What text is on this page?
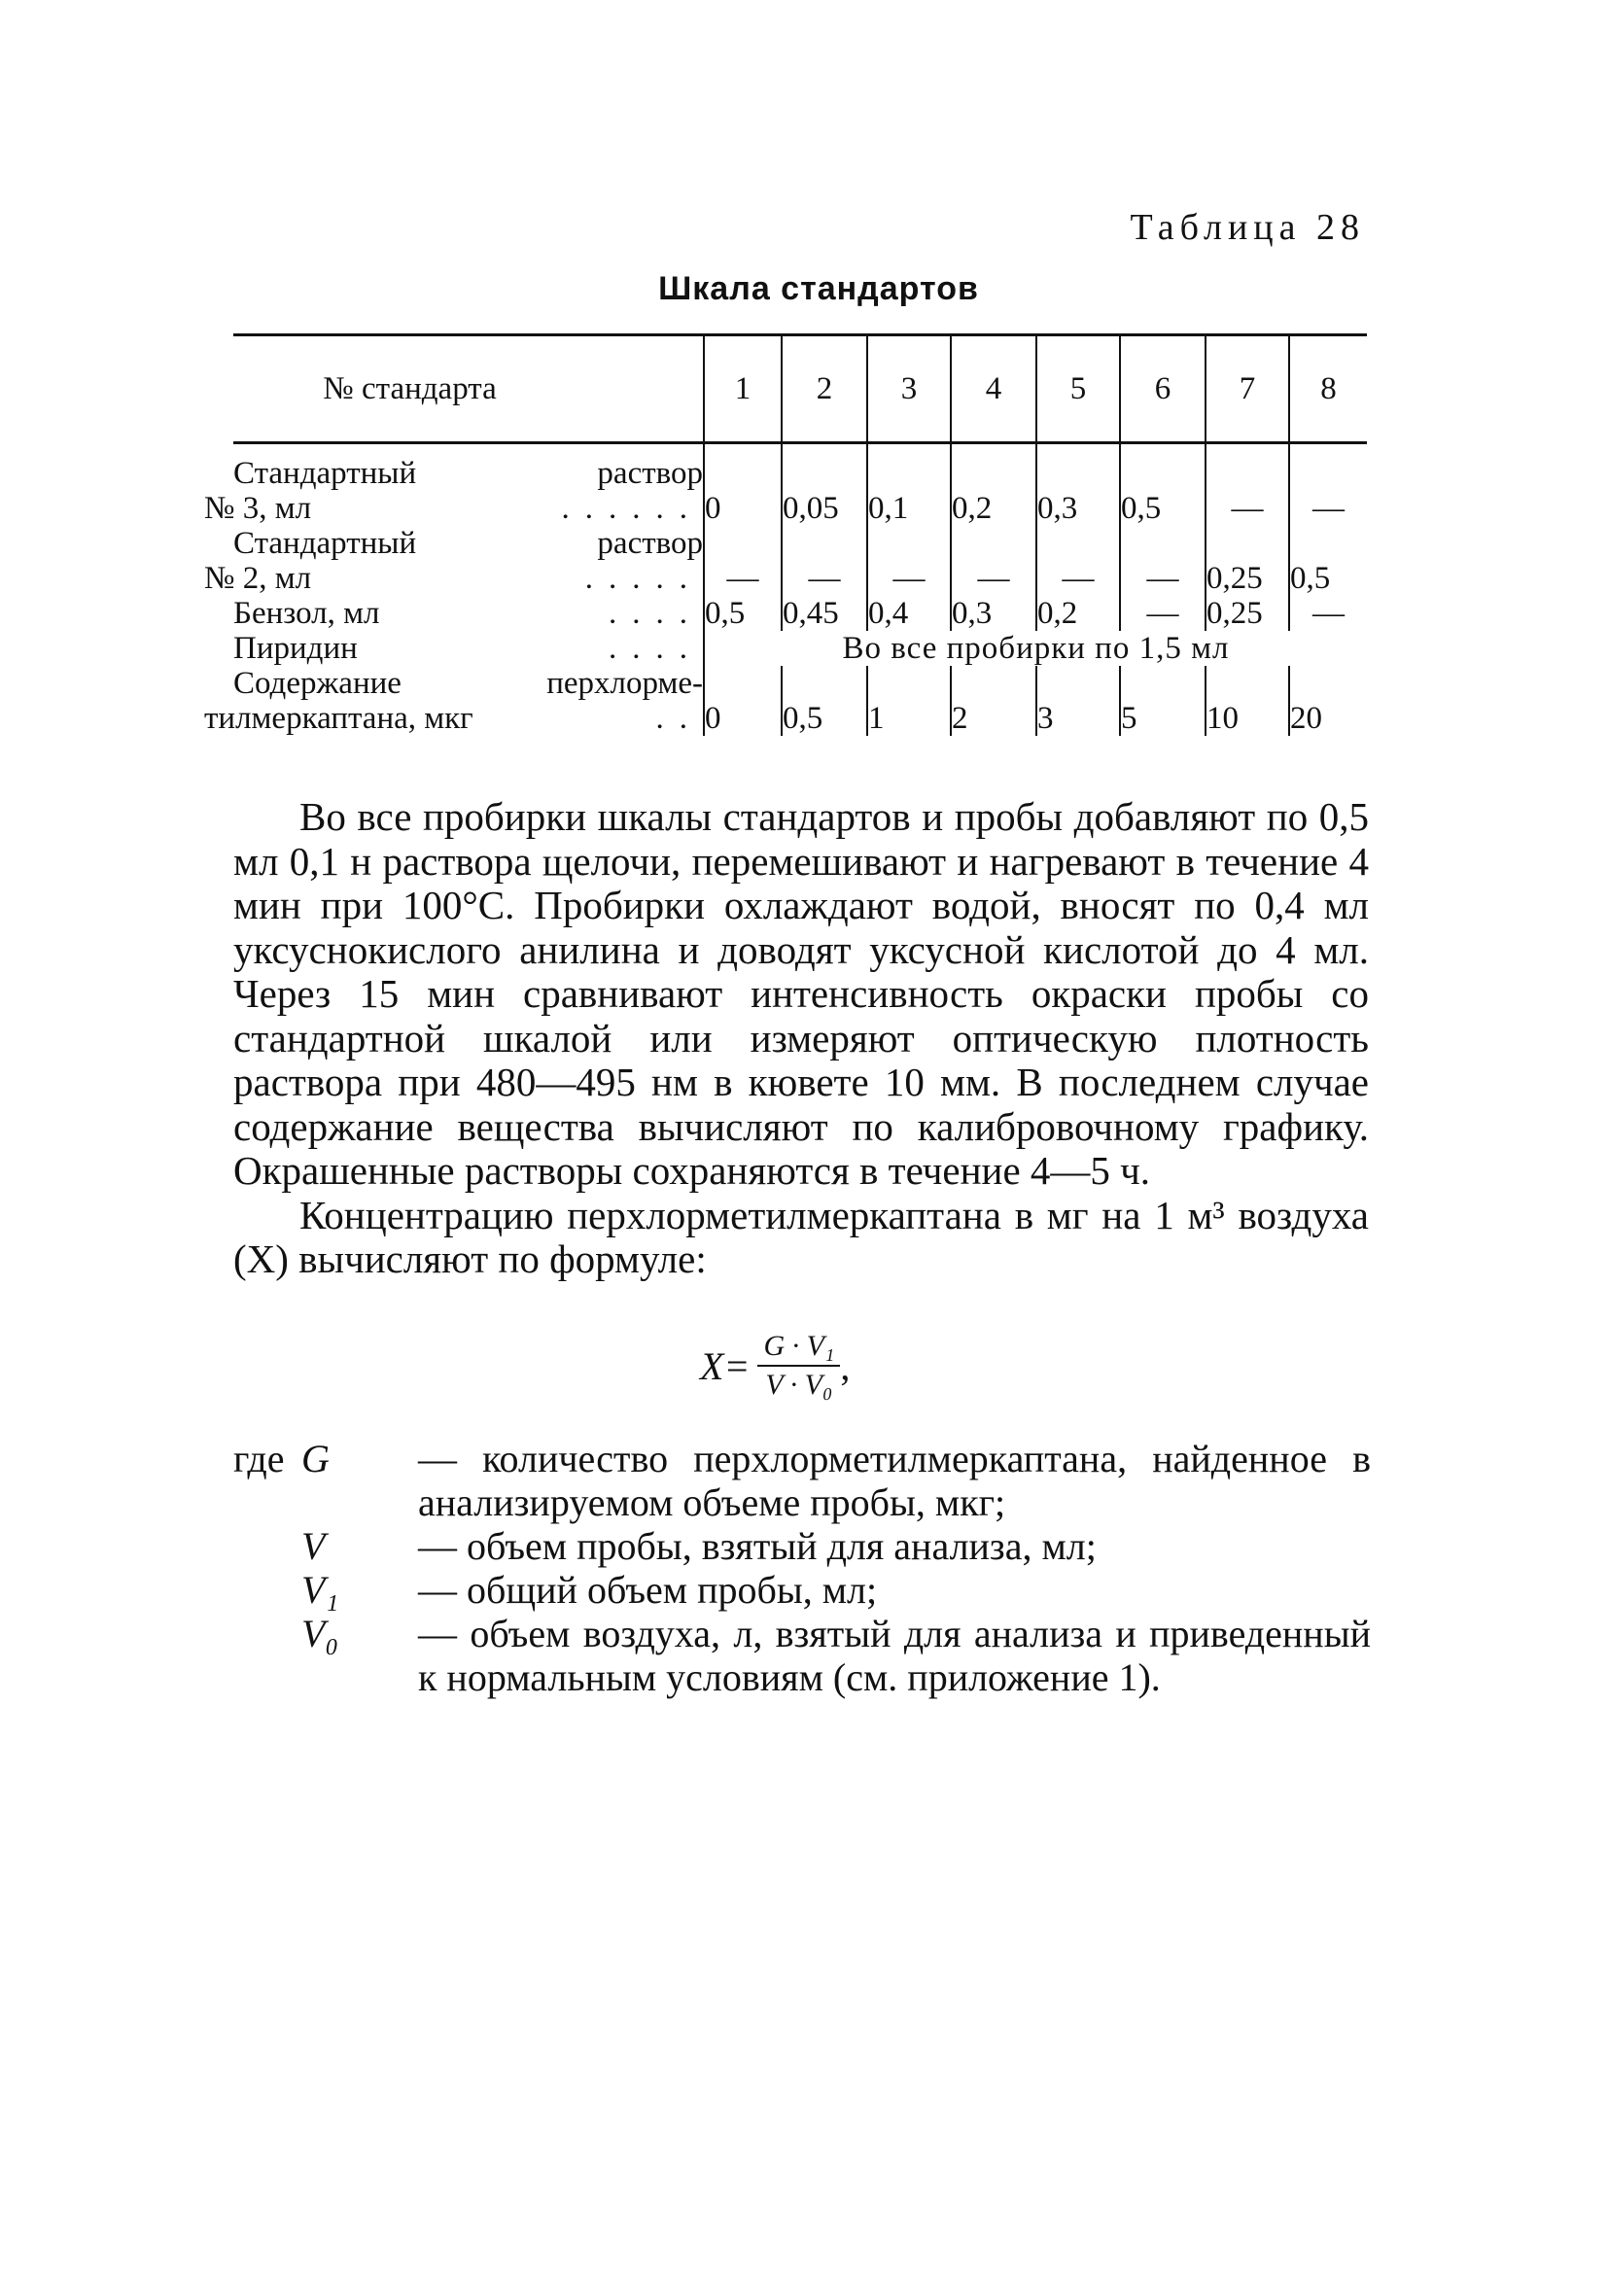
Таблица 28
Шкала стандартов
№ стандарта	1	2	3	4	5	6	7	8

Стандартный раствор
№ 3, мл ......	0	0,05	0,1	0,2	0,3	0,5	—	—

Стандартный раствор
№ 2, мл .....	—	—	—	—	—	—	0,25	0,5

Бензол, мл ....	0,5	0,45	0,4	0,3	0,2	—	0,25	—

Пиридин ....	Во все пробирки по 1,5 мл							

Содержание перхлорме-
тилмеркаптана, мкг ..	0	0,5	1	2	3	5	10	20

Во все пробирки шкалы стандартов и пробы добавляют по 0,5 мл 0,1 н раствора щелочи, перемешивают и нагревают в течение 4 мин при 100°С. Пробирки охлаждают водой, вносят по 0,4 мл уксуснокислого анилина и доводят уксусной кислотой до 4 мл. Через 15 мин сравнивают интенсивность окраски пробы со стандартной шкалой или измеряют оптическую плотность раствора при 480—495 нм в кювете 10 мм. В последнем случае содержание вещества вычисляют по калибровочному графику. Окрашенные растворы сохраняются в течение 4—5 ч.

Концентрацию перхлорметилмеркаптана в мг на 1 м³ воздуха (X) вычисляют по формуле:

$X= \frac{\text{G · V₁}}{\text{V · V₀}}$ ,
где G — количество перхлорметилмеркаптана, найденное в анализируемом объеме пробы, мкг;
V — объем пробы, взятый для анализа, мл;
V₁ — общий объем пробы, мл;
V₀ — объем воздуха, л, взятый для анализа и приведенный к нормальным условиям (см. приложение 1).
